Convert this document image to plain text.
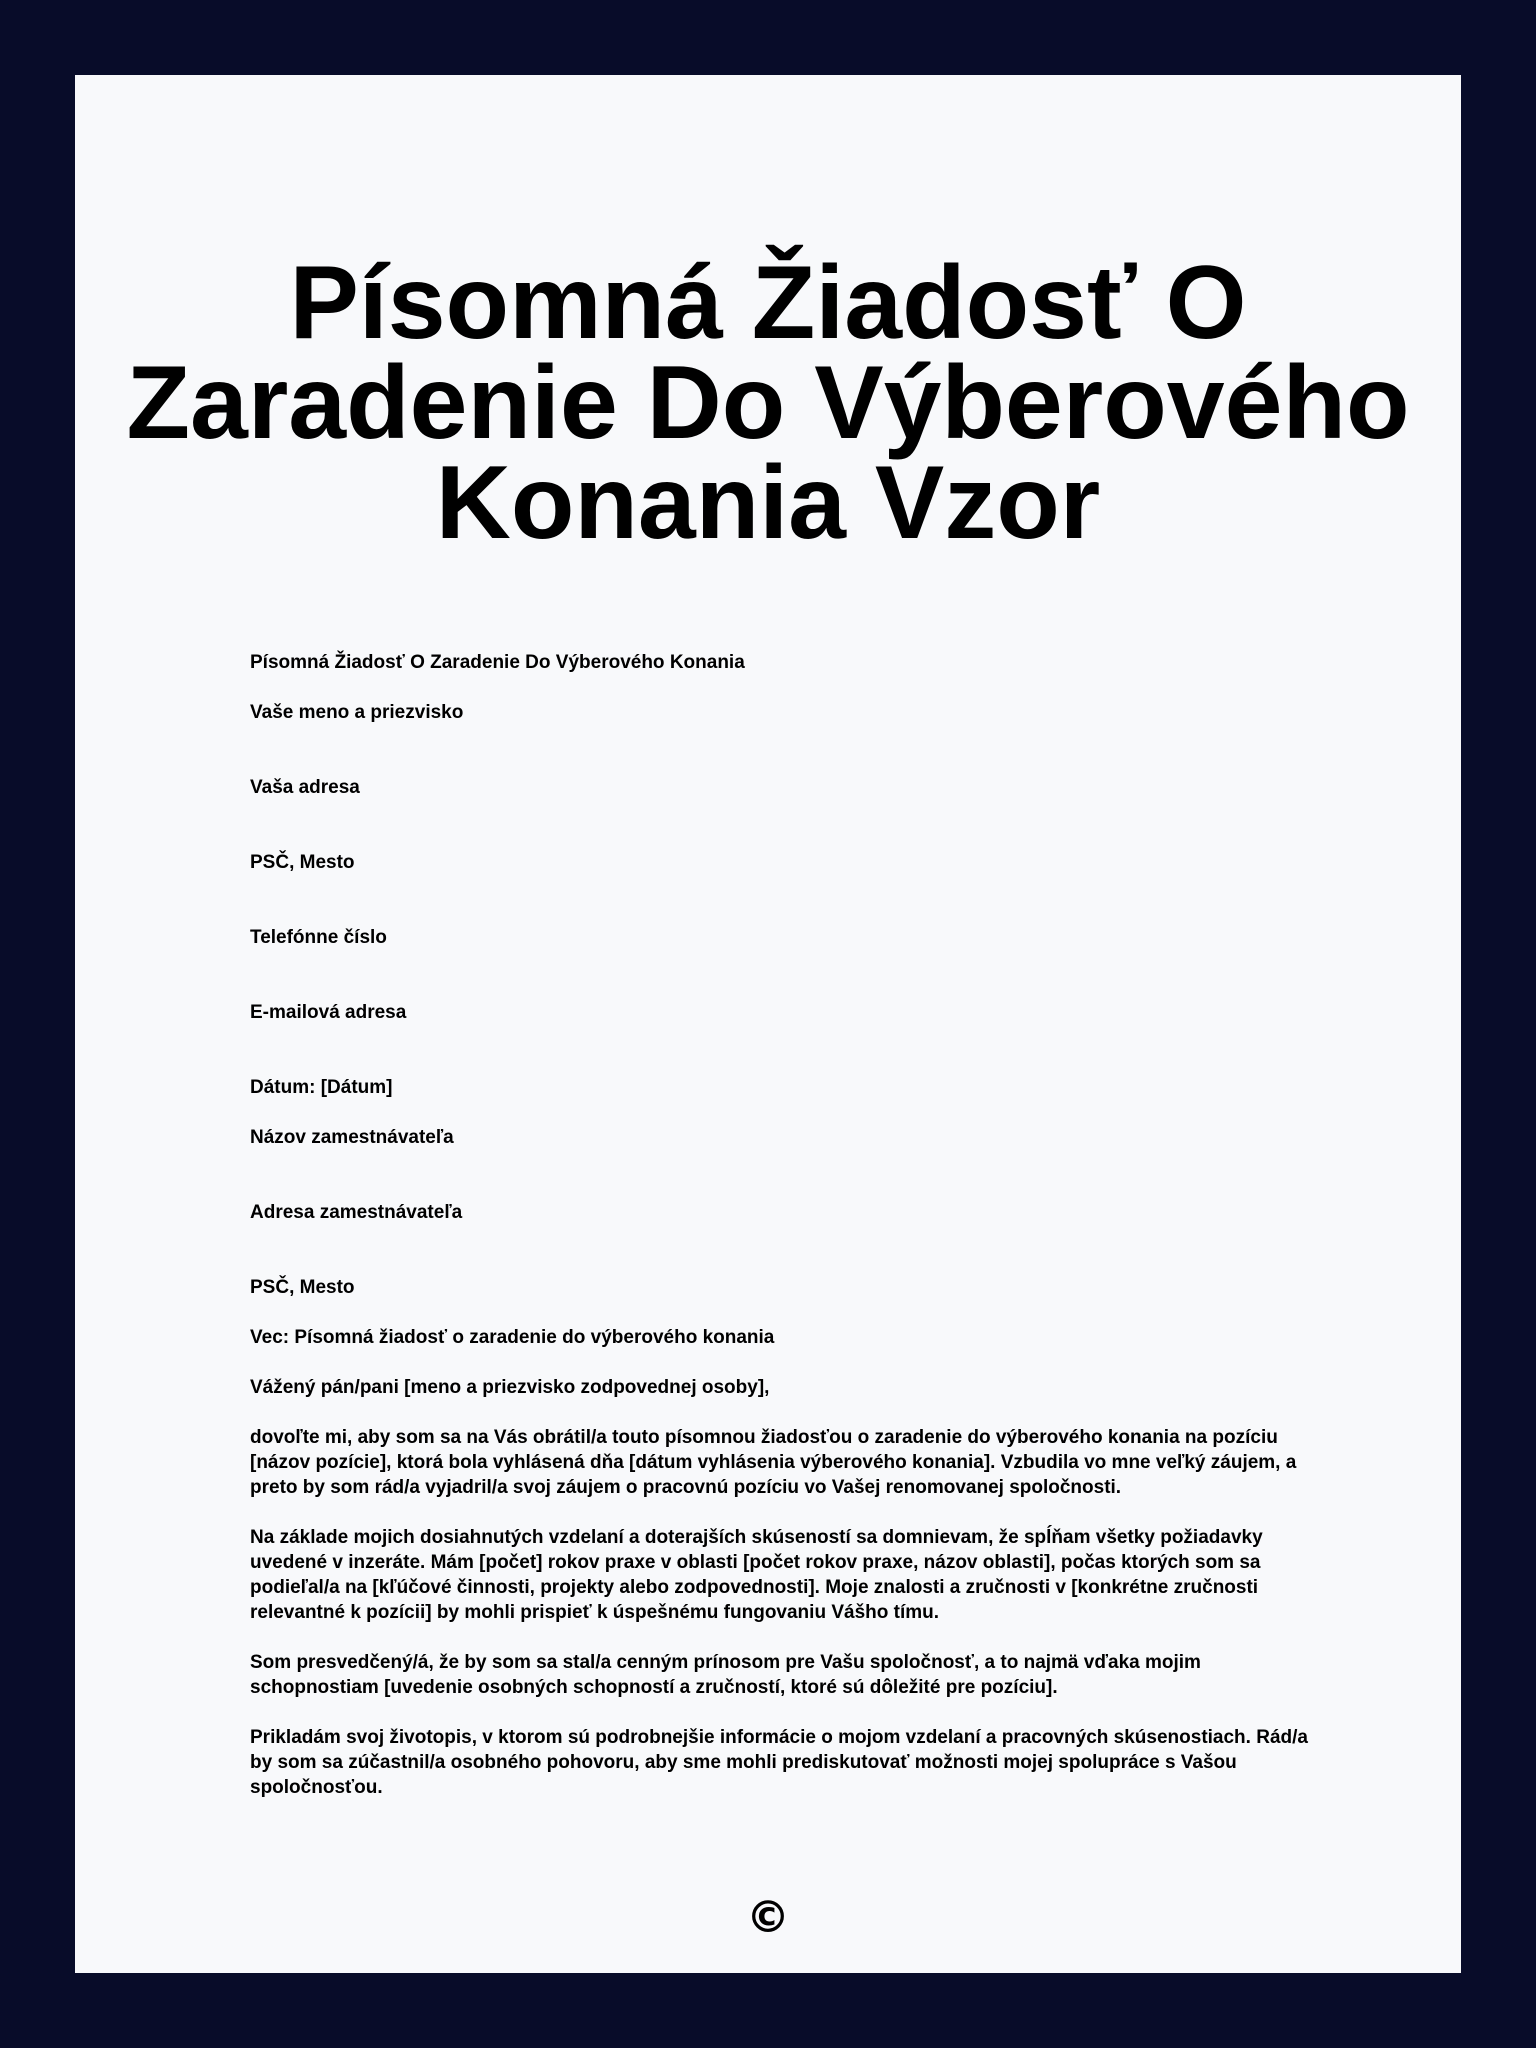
Písomná Žiadosť O Zaradenie Do Výberového Konania Vzor

Písomná Žiadosť O Zaradenie Do Výberového Konania

Vaše meno a priezvisko

Vaša adresa

PSČ, Mesto

Telefónne číslo

E-mailová adresa

Dátum: [Dátum]

Názov zamestnávateľa

Adresa zamestnávateľa

PSČ, Mesto

Vec: Písomná žiadosť o zaradenie do výberového konania

Vážený pán/pani [meno a priezvisko zodpovednej osoby],

dovoľte mi, aby som sa na Vás obrátil/a touto písomnou žiadosťou o zaradenie do výberového konania na pozíciu [názov pozície], ktorá bola vyhlásená dňa [dátum vyhlásenia výberového konania]. Vzbudila vo mne veľký záujem, a preto by som rád/a vyjadril/a svoj záujem o pracovnú pozíciu vo Vašej renomovanej spoločnosti.

Na základe mojich dosiahnutých vzdelaní a doterajších skúseností sa domnievam, že spĺňam všetky požiadavky uvedené v inzeráte. Mám [počet] rokov praxe v oblasti [počet rokov praxe, názov oblasti], počas ktorých som sa podieľal/a na [kľúčové činnosti, projekty alebo zodpovednosti]. Moje znalosti a zručnosti v [konkrétne zručnosti relevantné k pozícii] by mohli prispieť k úspešnému fungovaniu Vášho tímu.

Som presvedčený/á, že by som sa stal/a cenným prínosom pre Vašu spoločnosť, a to najmä vďaka mojim schopnostiam [uvedenie osobných schopností a zručností, ktoré sú dôležité pre pozíciu].

Prikladám svoj životopis, v ktorom sú podrobnejšie informácie o mojom vzdelaní a pracovných skúsenostiach. Rád/a by som sa zúčastnil/a osobného pohovoru, aby sme mohli prediskutovať možnosti mojej spolupráce s Vašou spoločnosťou.

©
